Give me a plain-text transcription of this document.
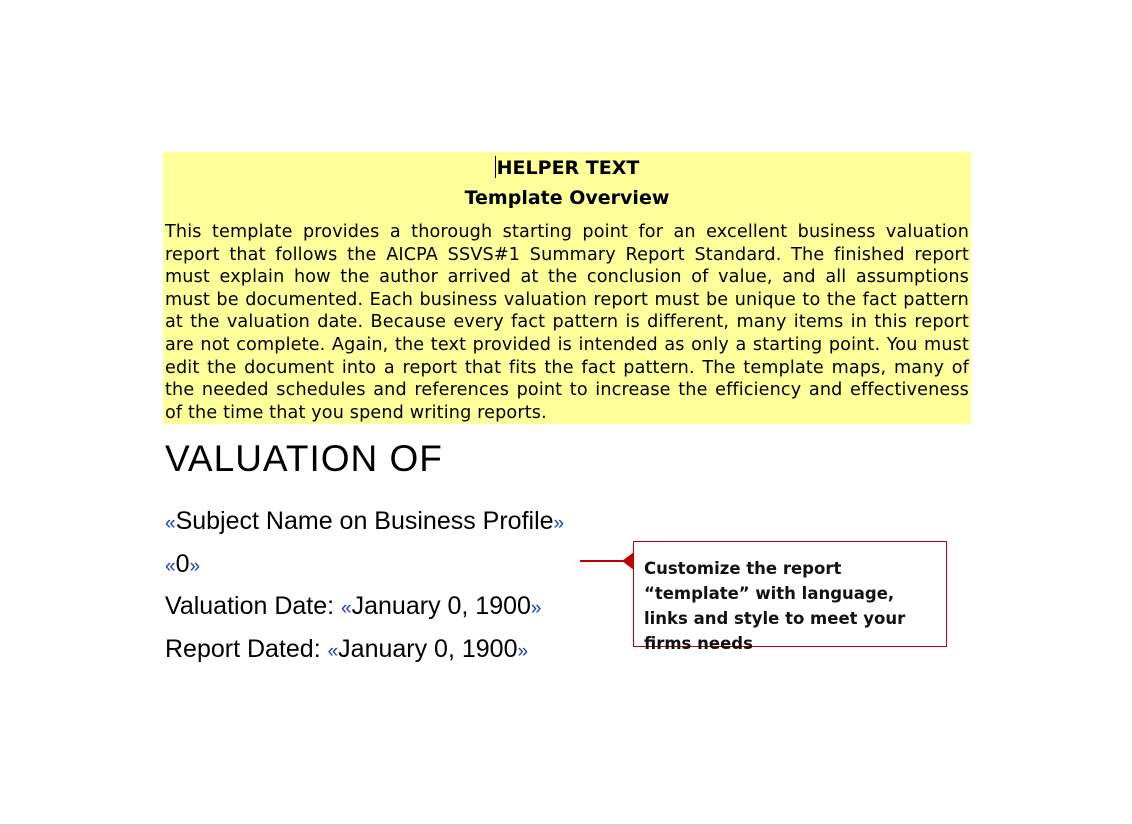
HELPER TEXT
Template Overview
This template provides a thorough starting point for an excellent business valuation report that follows the AICPA SSVS#1 Summary Report Standard. The finished report must explain how the author arrived at the conclusion of value, and all assumptions must be documented. Each business valuation report must be unique to the fact pattern at the valuation date. Because every fact pattern is different, many items in this report are not complete. Again, the text provided is intended as only a starting point. You must edit the document into a report that fits the fact pattern. The template maps, many of the needed schedules and references point to increase the efficiency and effectiveness of the time that you spend writing reports.
VALUATION OF
«Subject Name on Business Profile»
«0»
Valuation Date: «January 0, 1900»
Report Dated: «January 0, 1900»
Customize the report “template” with language, links and style to meet your firms needs
